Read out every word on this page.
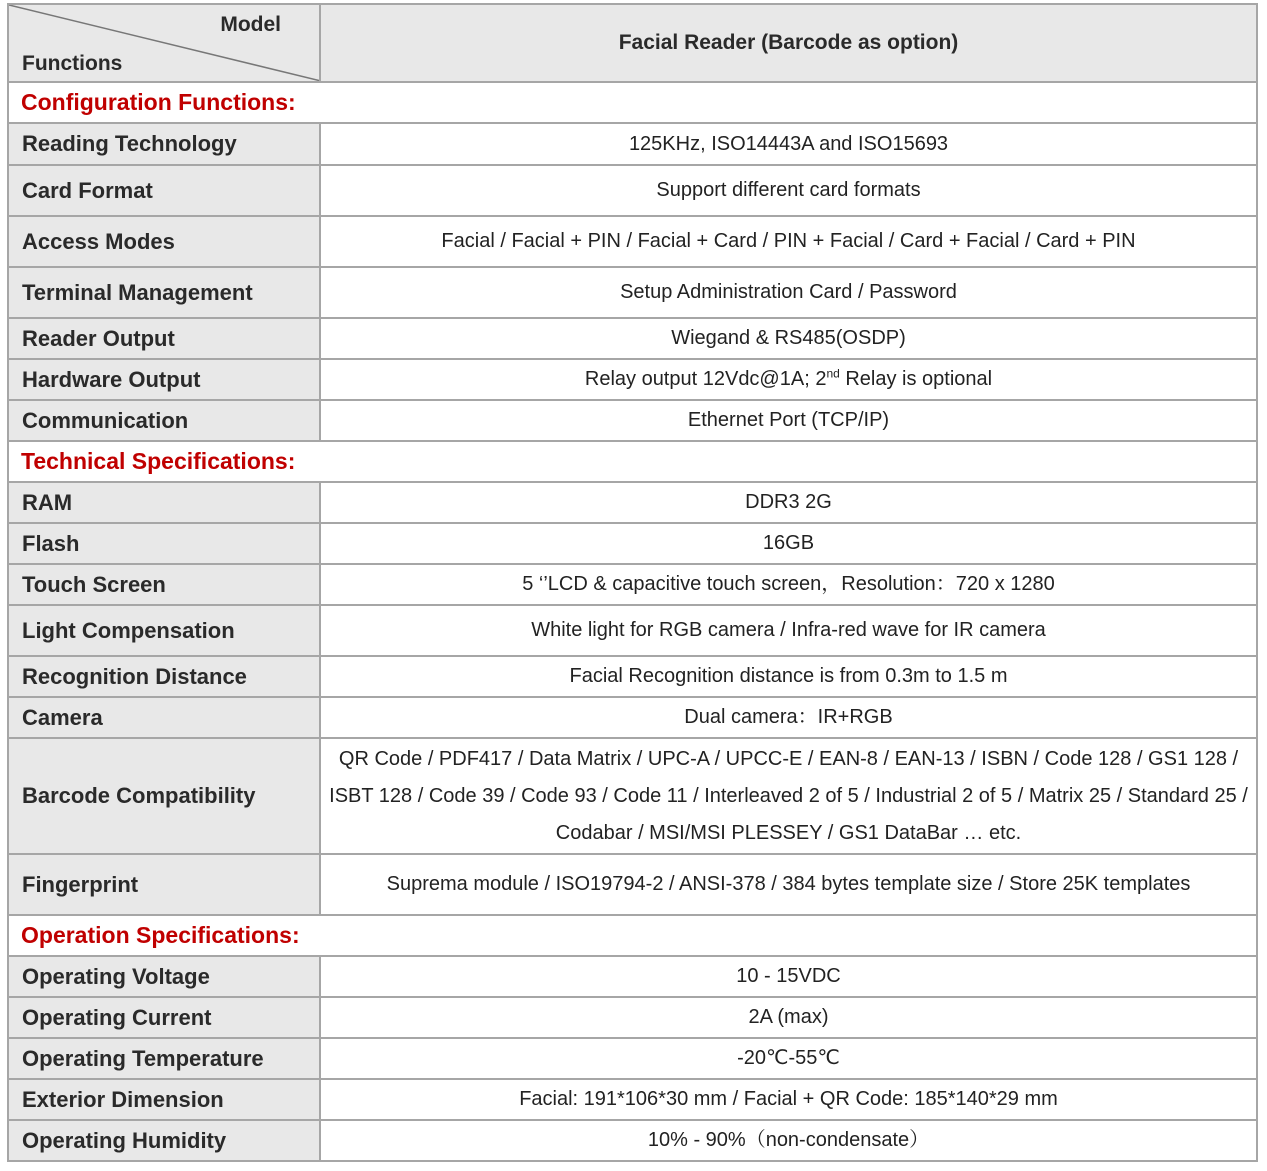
Model
Functions	Facial Reader (Barcode as option)
Configuration Functions:	
Reading Technology	125KHz, ISO14443A and ISO15693
Card Format	Support different card formats
Access Modes	Facial / Facial + PIN / Facial + Card / PIN + Facial / Card + Facial / Card + PIN
Terminal Management	Setup Administration Card / Password
Reader Output	Wiegand & RS485(OSDP)
Hardware Output	Relay output 12Vdc@1A; 2nd Relay is optional
Communication	Ethernet Port (TCP/IP)
Technical Specifications:	
RAM	DDR3 2G
Flash	16GB
Touch Screen	5 ‘’LCD & capacitive touch screen，Resolution：720 x 1280
Light Compensation	White light for RGB camera / Infra-red wave for IR camera
Recognition Distance	Facial Recognition distance is from 0.3m to 1.5 m
Camera	Dual camera：IR+RGB
Barcode Compatibility	QR Code / PDF417 / Data Matrix / UPC-A / UPCC-E / EAN-8 / EAN-13 / ISBN / Code 128 / GS1 128 / ISBT 128 / Code 39 / Code 93 / Code 11 / Interleaved 2 of 5 / Industrial 2 of 5 / Matrix 25 / Standard 25 / Codabar / MSI/MSI PLESSEY / GS1 DataBar … etc.
Fingerprint	Suprema module / ISO19794-2 / ANSI-378 / 384 bytes template size / Store 25K templates
Operation Specifications:	
Operating Voltage	10 - 15VDC
Operating Current	2A (max)
Operating Temperature	-20℃-55℃
Exterior Dimension	Facial: 191*106*30 mm / Facial + QR Code: 185*140*29 mm
Operating Humidity	10% - 90%（non-condensate）
